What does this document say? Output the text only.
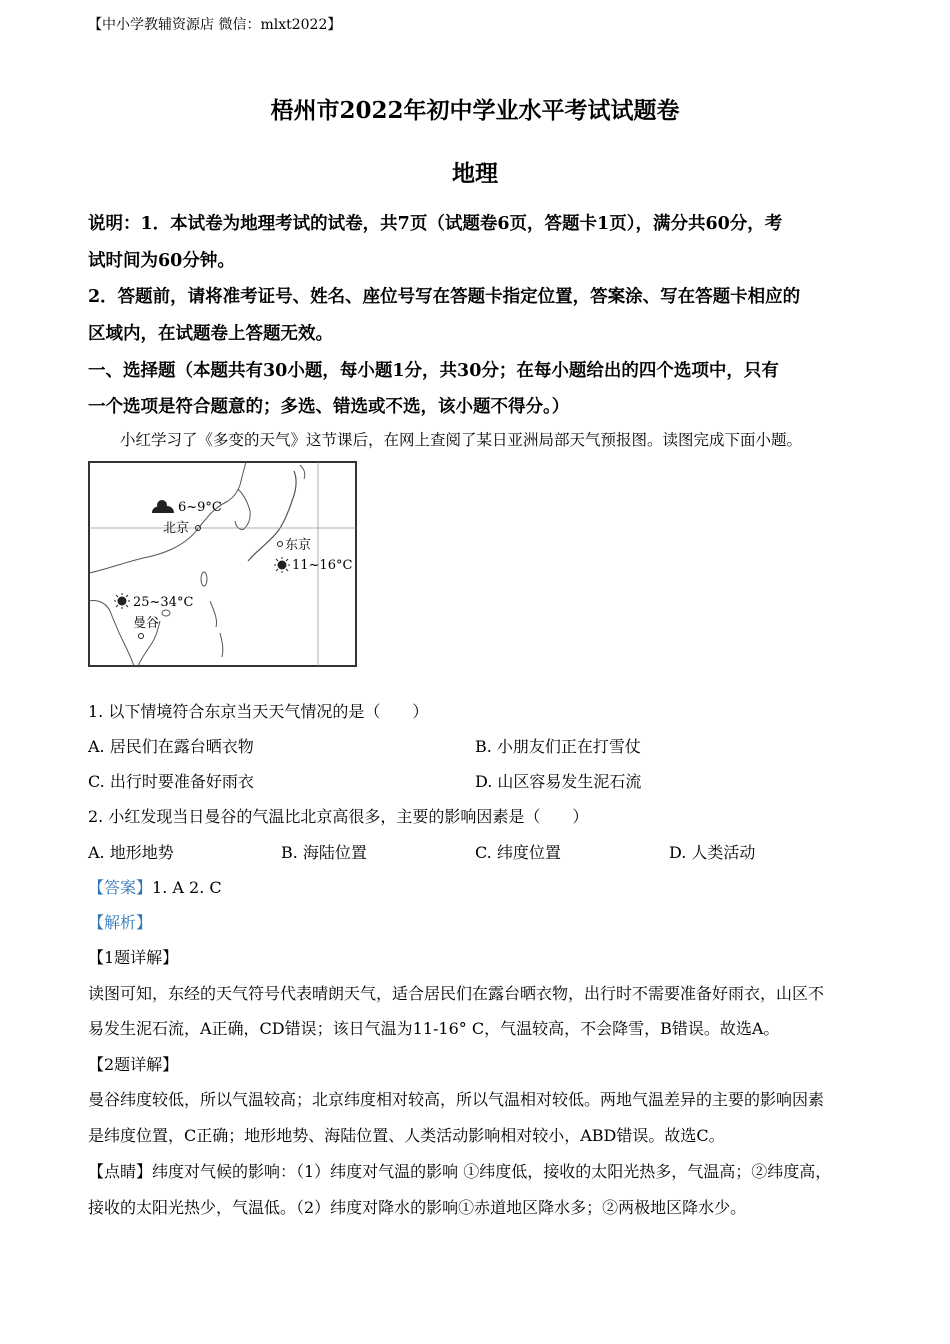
【中小学教辅资源店 微信：mlxt2022】
梧州市2022年初中学业水平考试试题卷
地理
说明：1．本试卷为地理考试的试卷，共7页（试题卷6页，答题卡1页），满分共60分，考
试时间为60分钟。
2．答题前，请将准考证号、姓名、座位号写在答题卡指定位置，答案涂、写在答题卡相应的
区域内，在试题卷上答题无效。
一、选择题（本题共有30小题，每小题1分，共30分；在每小题给出的四个选项中，只有
一个选项是符合题意的；多选、错选或不选，该小题不得分。）
小红学习了《多变的天气》这节课后，在网上查阅了某日亚洲局部天气预报图。读图完成下面小题。
6~9°C
北京
东京
11~16°C
25~34°C
曼谷
1. 以下情境符合东京当天天气情况的是（　　）
A. 居民们在露台晒衣物	B. 小朋友们正在打雪仗
C. 出行时要准备好雨衣	D. 山区容易发生泥石流
2. 小红发现当日曼谷的气温比北京高很多，主要的影响因素是（　　）
A. 地形地势	B. 海陆位置	C. 纬度位置	D. 人类活动
【答案】1. A 2. C
【解析】
【1题详解】
读图可知，东经的天气符号代表晴朗天气，适合居民们在露台晒衣物，出行时不需要准备好雨衣，山区不
易发生泥石流，A正确，CD错误；该日气温为11-16° C，气温较高，不会降雪，B错误。故选A。
【2题详解】
曼谷纬度较低，所以气温较高；北京纬度相对较高，所以气温相对较低。两地气温差异的主要的影响因素
是纬度位置，C正确；地形地势、海陆位置、人类活动影响相对较小，ABD错误。故选C。
【点睛】纬度对气候的影响：（1）纬度对气温的影响 ①纬度低，接收的太阳光热多，气温高；②纬度高，
接收的太阳光热少，气温低。（2）纬度对降水的影响①赤道地区降水多；②两极地区降水少。
